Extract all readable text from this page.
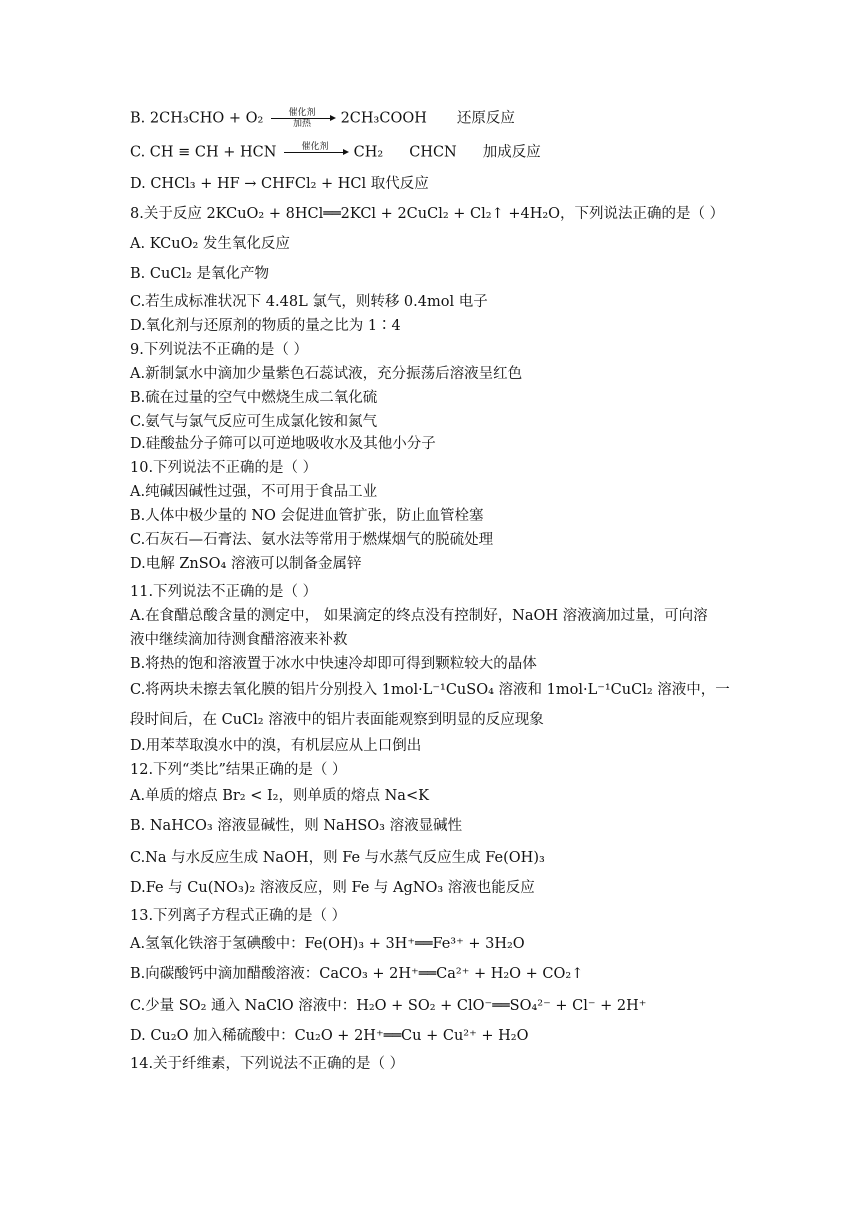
B. 2CH₃CHO + O₂	催化剂
加热	2CH₃COOH 还原反应
C. CH ≡ CH + HCN	催化剂
	CH₂ CHCN 加成反应
D. CHCl₃ + HF → CHFCl₂ + HCl 取代反应
8.关于反应 2KCuO₂ + 8HCl══2KCl + 2CuCl₂ + Cl₂↑ +4H₂O，下列说法正确的是（ ）
A. KCuO₂ 发生氧化反应
B. CuCl₂ 是氧化产物
C.若生成标准状况下 4.48L 氯气，则转移 0.4mol 电子
D.氧化剂与还原剂的物质的量之比为 1∶4
9.下列说法不正确的是（ ）
A.新制氯水中滴加少量紫色石蕊试液，充分振荡后溶液呈红色
B.硫在过量的空气中燃烧生成二氧化硫
C.氨气与氯气反应可生成氯化铵和氮气
D.硅酸盐分子筛可以可逆地吸收水及其他小分子
10.下列说法不正确的是（ ）
A.纯碱因碱性过强，不可用于食品工业
B.人体中极少量的 NO 会促进血管扩张，防止血管栓塞
C.石灰石—石膏法、氨水法等常用于燃煤烟气的脱硫处理
D.电解 ZnSO₄ 溶液可以制备金属锌
11.下列说法不正确的是（ ）
A.在食醋总酸含量的测定中， 如果滴定的终点没有控制好，NaOH 溶液滴加过量，可向溶
液中继续滴加待测食醋溶液来补救
B.将热的饱和溶液置于冰水中快速冷却即可得到颗粒较大的晶体
C.将两块未擦去氧化膜的铝片分别投入 1mol·L⁻¹CuSO₄ 溶液和 1mol·L⁻¹CuCl₂ 溶液中，一
段时间后，在 CuCl₂ 溶液中的铝片表面能观察到明显的反应现象
D.用苯萃取溴水中的溴，有机层应从上口倒出
12.下列“类比”结果正确的是（ ）
A.单质的熔点 Br₂ < I₂，则单质的熔点 Na<K
B. NaHCO₃ 溶液显碱性，则 NaHSO₃ 溶液显碱性
C.Na 与水反应生成 NaOH，则 Fe 与水蒸气反应生成 Fe(OH)₃
D.Fe 与 Cu(NO₃)₂ 溶液反应，则 Fe 与 AgNO₃ 溶液也能反应
13.下列离子方程式正确的是（ ）
A.氢氧化铁溶于氢碘酸中：Fe(OH)₃ + 3H⁺══Fe³⁺ + 3H₂O
B.向碳酸钙中滴加醋酸溶液：CaCO₃ + 2H⁺══Ca²⁺ + H₂O + CO₂↑
C.少量 SO₂ 通入 NaClO 溶液中：H₂O + SO₂ + ClO⁻══SO₄²⁻ + Cl⁻ + 2H⁺
D. Cu₂O 加入稀硫酸中：Cu₂O + 2H⁺══Cu + Cu²⁺ + H₂O
14.关于纤维素，下列说法不正确的是（ ）
